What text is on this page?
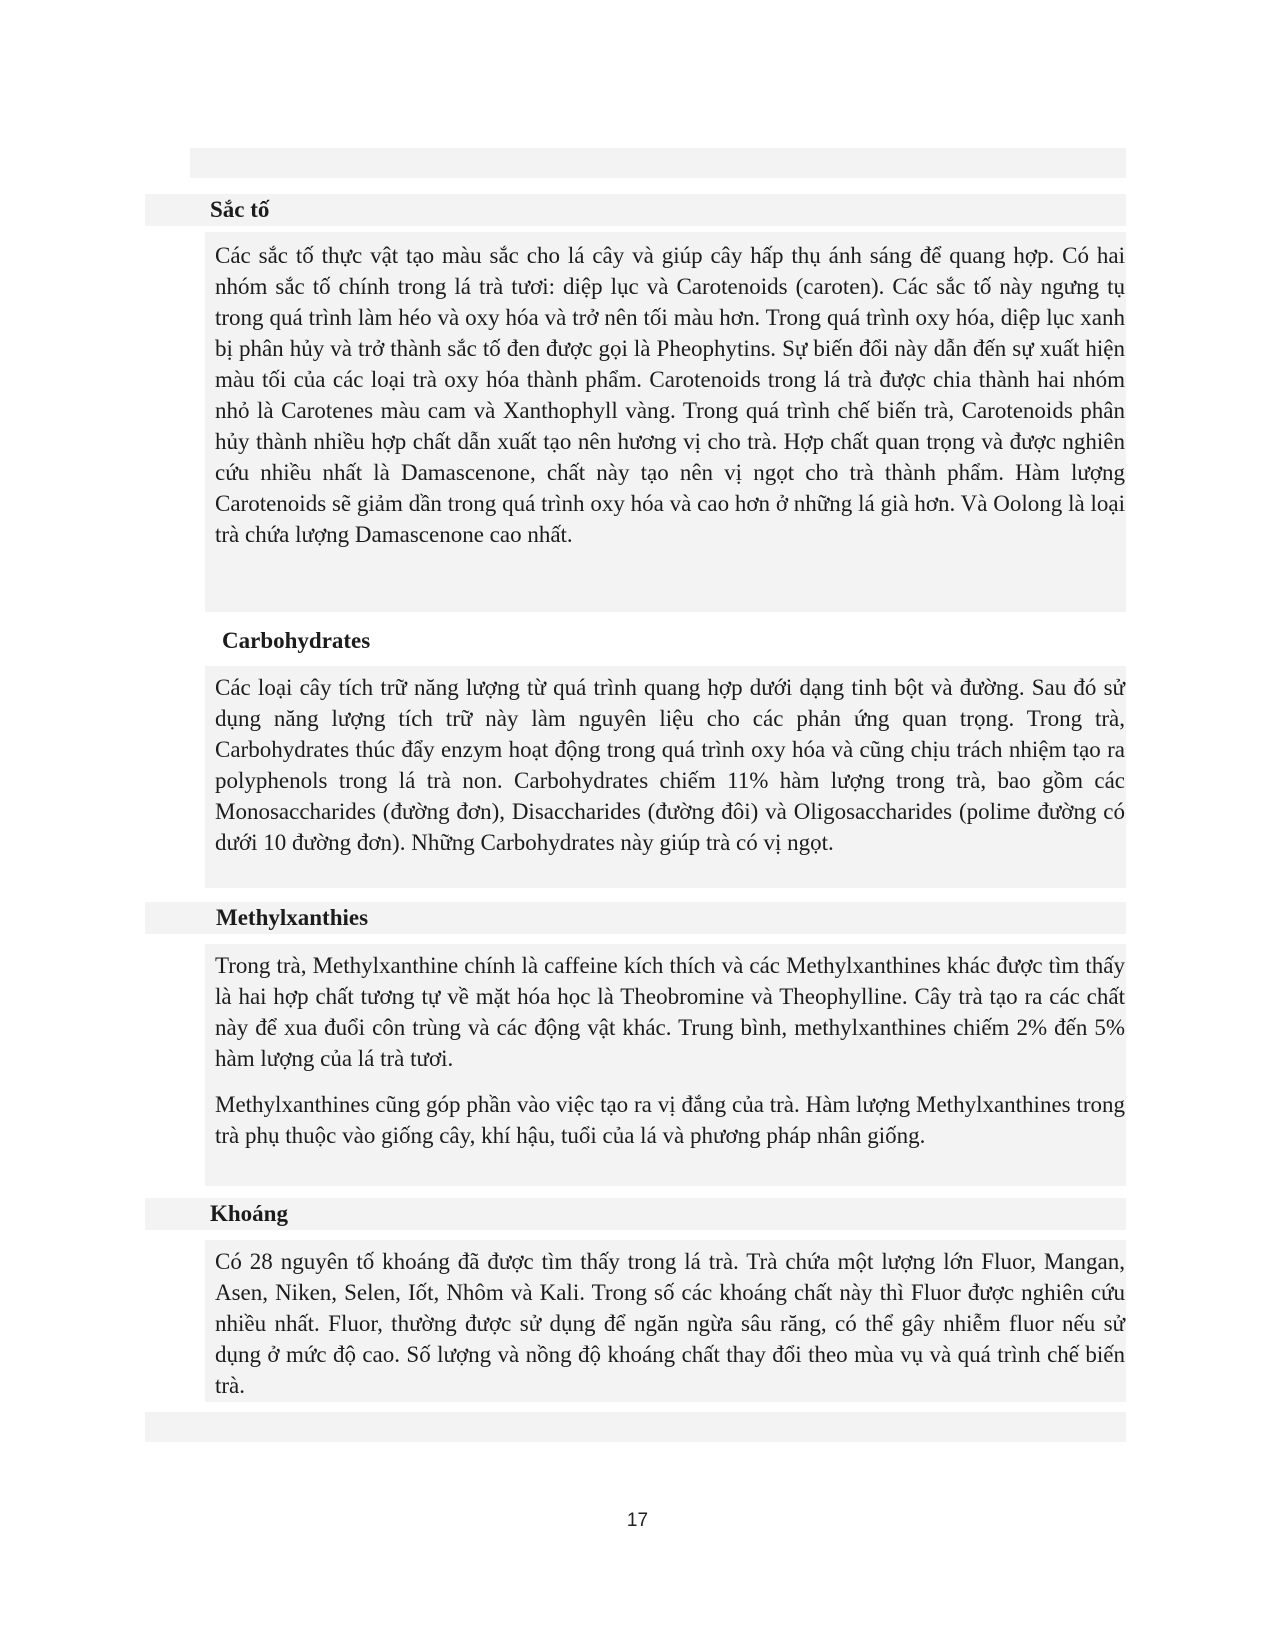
Sắc tố

Các sắc tố thực vật tạo màu sắc cho lá cây và giúp cây hấp thụ ánh sáng để quang hợp. Có hai nhóm sắc tố chính trong lá trà tươi: diệp lục và Carotenoids (caroten). Các sắc tố này ngưng tụ trong quá trình làm héo và oxy hóa và trở nên tối màu hơn. Trong quá trình oxy hóa, diệp lục xanh bị phân hủy và trở thành sắc tố đen được gọi là Pheophytins. Sự biến đổi này dẫn đến sự xuất hiện màu tối của các loại trà oxy hóa thành phẩm. Carotenoids trong lá trà được chia thành hai nhóm nhỏ là Carotenes màu cam và Xanthophyll vàng. Trong quá trình chế biến trà, Carotenoids phân hủy thành nhiều hợp chất dẫn xuất tạo nên hương vị cho trà. Hợp chất quan trọng và được nghiên cứu nhiều nhất là Damascenone, chất này tạo nên vị ngọt cho trà thành phẩm. Hàm lượng Carotenoids sẽ giảm dần trong quá trình oxy hóa và cao hơn ở những lá già hơn. Và Oolong là loại trà chứa lượng Damascenone cao nhất.

Carbohydrates

Các loại cây tích trữ năng lượng từ quá trình quang hợp dưới dạng tinh bột và đường. Sau đó sử dụng năng lượng tích trữ này làm nguyên liệu cho các phản ứng quan trọng. Trong trà, Carbohydrates thúc đẩy enzym hoạt động trong quá trình oxy hóa và cũng chịu trách nhiệm tạo ra polyphenols trong lá trà non. Carbohydrates chiếm 11% hàm lượng trong trà, bao gồm các Monosaccharides (đường đơn), Disaccharides (đường đôi) và Oligosaccharides (polime đường có dưới 10 đường đơn). Những Carbohydrates này giúp trà có vị ngọt.

Methylxanthies

Trong trà, Methylxanthine chính là caffeine kích thích và các Methylxanthines khác được tìm thấy là hai hợp chất tương tự về mặt hóa học là Theobromine và Theophylline. Cây trà tạo ra các chất này để xua đuổi côn trùng và các động vật khác. Trung bình, methylxanthines chiếm 2% đến 5% hàm lượng của lá trà tươi.

Methylxanthines cũng góp phần vào việc tạo ra vị đắng của trà. Hàm lượng Methylxanthines trong trà phụ thuộc vào giống cây, khí hậu, tuổi của lá và phương pháp nhân giống.

Khoáng

Có 28 nguyên tố khoáng đã được tìm thấy trong lá trà. Trà chứa một lượng lớn Fluor, Mangan, Asen, Niken, Selen, Iốt, Nhôm và Kali. Trong số các khoáng chất này thì Fluor được nghiên cứu nhiều nhất. Fluor, thường được sử dụng để ngăn ngừa sâu răng, có thể gây nhiễm fluor nếu sử dụng ở mức độ cao. Số lượng và nồng độ khoáng chất thay đổi theo mùa vụ và quá trình chế biến trà.

17
